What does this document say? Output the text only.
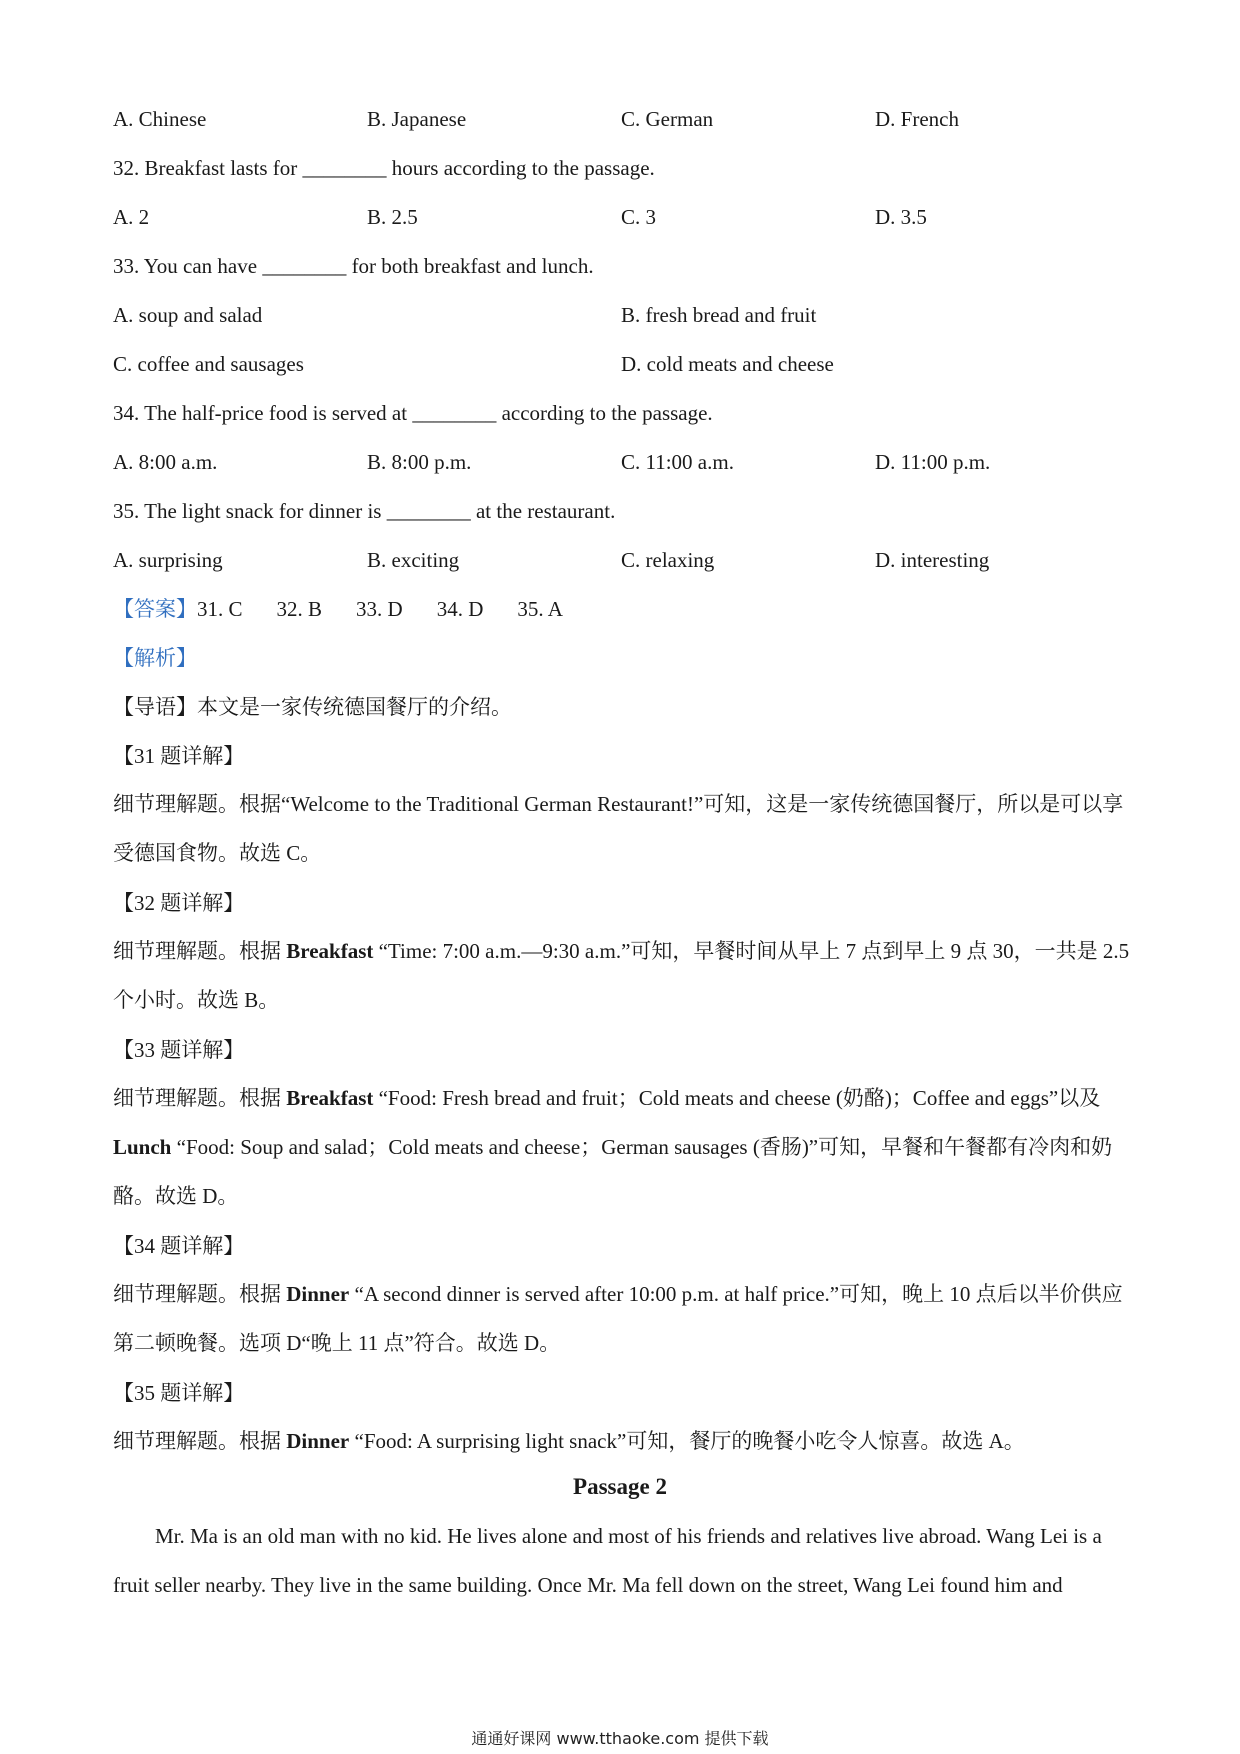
A. Chinese	B. Japanese	C. German	D. French
32. Breakfast lasts for ________ hours according to the passage.
A. 2	B. 2.5	C. 3	D. 3.5
33. You can have ________ for both breakfast and lunch.
A. soup and salad	B. fresh bread and fruit
C. coffee and sausages	D. cold meats and cheese
34. The half-price food is served at ________ according to the passage.
A. 8:00 a.m.	B. 8:00 p.m.	C. 11:00 a.m.	D. 11:00 p.m.
35. The light snack for dinner is ________ at the restaurant.
A. surprising	B. exciting	C. relaxing	D. interesting
【答案】31. C 32. B 33. D 34. D 35. A
【解析】
【导语】本文是一家传统德国餐厅的介绍。
【31 题详解】

细节理解题。根据“Welcome to the Traditional German Restaurant!”可知，这是一家传统德国餐厅，所以是可以享受德国食物。故选 C。

【32 题详解】

细节理解题。根据 Breakfast “Time: 7:00 a.m.—9:30 a.m.”可知，早餐时间从早上 7 点到早上 9 点 30，一共是 2.5 个小时。故选 B。

【33 题详解】

细节理解题。根据 Breakfast “Food: Fresh bread and fruit；Cold meats and cheese (奶酪)；Coffee and eggs”以及 Lunch “Food: Soup and salad；Cold meats and cheese；German sausages (香肠)”可知，早餐和午餐都有冷肉和奶酪。故选 D。

【34 题详解】

细节理解题。根据 Dinner “A second dinner is served after 10:00 p.m. at half price.”可知，晚上 10 点后以半价供应第二顿晚餐。选项 D“晚上 11 点”符合。故选 D。

【35 题详解】

细节理解题。根据 Dinner “Food: A surprising light snack”可知，餐厅的晚餐小吃令人惊喜。故选 A。

Passage 2

Mr. Ma is an old man with no kid. He lives alone and most of his friends and relatives live abroad. Wang Lei is a fruit seller nearby. They live in the same building. Once Mr. Ma fell down on the street, Wang Lei found him and

通通好课网 www.tthaoke.com 提供下载
